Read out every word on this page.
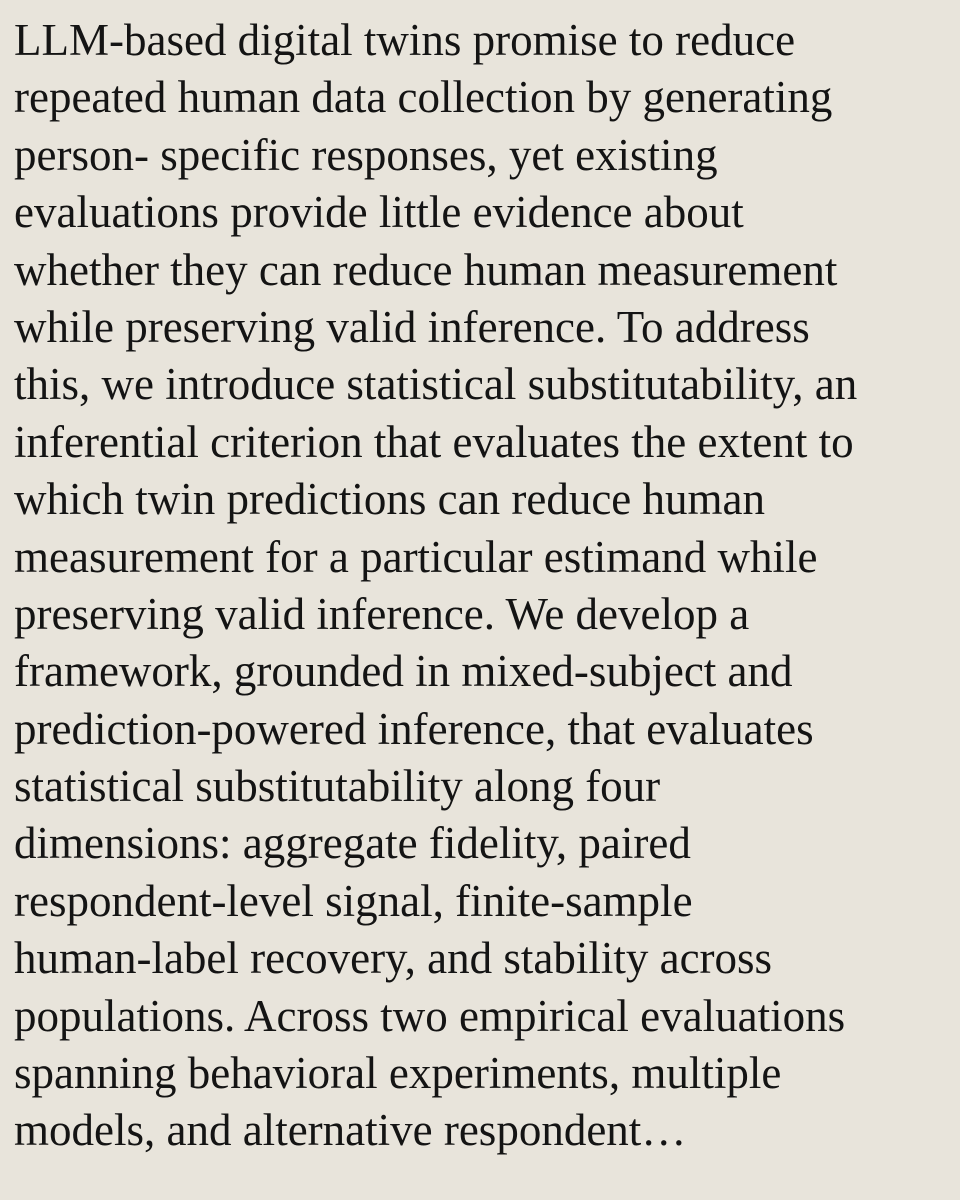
LLM-based digital twins promise to reduce
repeated human data collection by generating
person- specific responses, yet existing
evaluations provide little evidence about
whether they can reduce human measurement
while preserving valid inference. To address
this, we introduce statistical substitutability, an
inferential criterion that evaluates the extent to
which twin predictions can reduce human
measurement for a particular estimand while
preserving valid inference. We develop a
framework, grounded in mixed-subject and
prediction-powered inference, that evaluates
statistical substitutability along four
dimensions: aggregate fidelity, paired
respondent-level signal, finite-sample
human-label recovery, and stability across
populations. Across two empirical evaluations
spanning behavioral experiments, multiple
models, and alternative respondent…
